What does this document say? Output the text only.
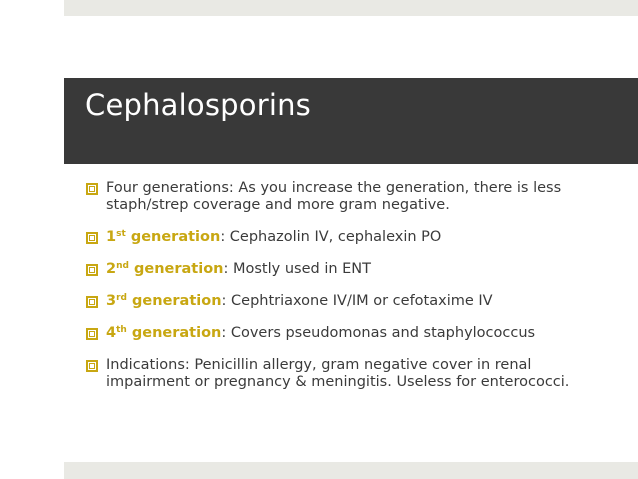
Cephalosporins
Four generations: As you increase the generation, there is less staph/strep coverage and more gram negative.
1st generation: Cephazolin IV, cephalexin PO
2nd generation: Mostly used in ENT
3rd generation: Cephtriaxone IV/IM or cefotaxime IV
4th generation: Covers pseudomonas and staphylococcus
Indications: Penicillin allergy, gram negative cover in renal impairment or pregnancy & meningitis. Useless for enterococci.
